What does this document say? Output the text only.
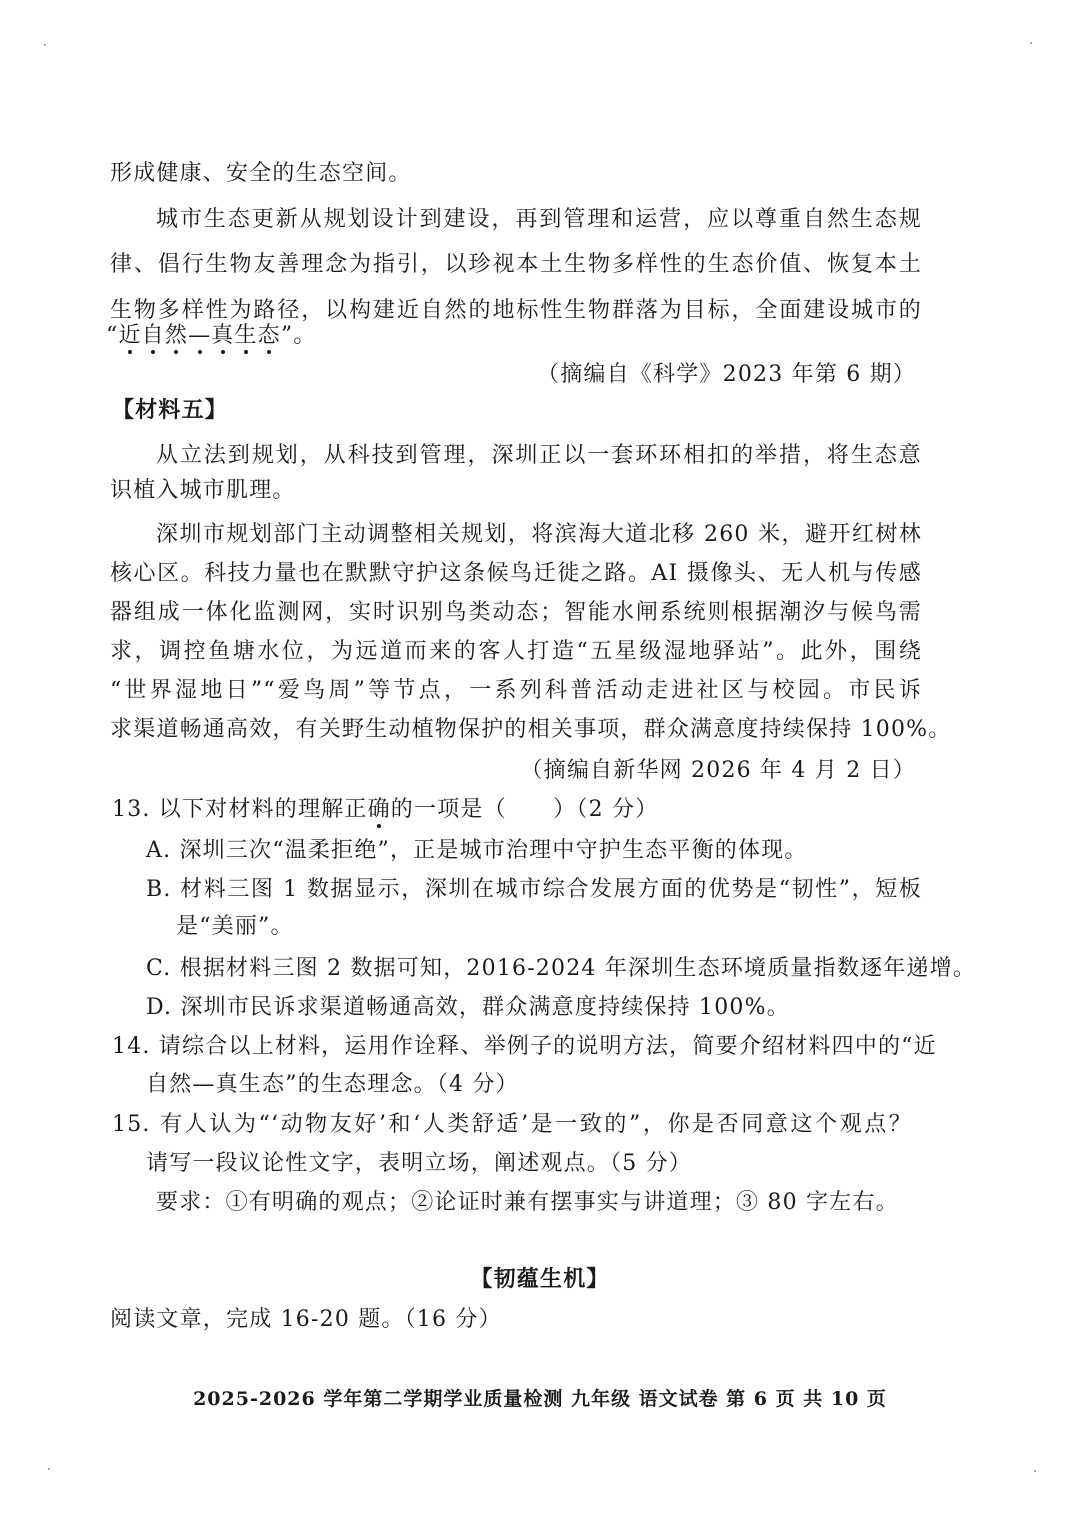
形成健康、安全的生态空间。
城市生态更新从规划设计到建设，再到管理和运营，应以尊重自然生态规
律、倡行生物友善理念为指引，以珍视本土生物多样性的生态价值、恢复本土
生物多样性为路径，以构建近自然的地标性生物群落为目标，全面建设城市的
“近自然—真生态”。
（摘编自《科学》2023 年第 6 期）
【材料五】
从立法到规划，从科技到管理，深圳正以一套环环相扣的举措，将生态意
识植入城市肌理。
深圳市规划部门主动调整相关规划，将滨海大道北移 260 米，避开红树林
核心区。科技力量也在默默守护这条候鸟迁徙之路。AI 摄像头、无人机与传感
器组成一体化监测网，实时识别鸟类动态；智能水闸系统则根据潮汐与候鸟需
求，调控鱼塘水位，为远道而来的客人打造“五星级湿地驿站”。此外，围绕
“世界湿地日”“爱鸟周”等节点，一系列科普活动走进社区与校园。市民诉
求渠道畅通高效，有关野生动植物保护的相关事项，群众满意度持续保持 100%。
（摘编自新华网 2026 年 4 月 2 日）
13. 以下对材料的理解正确的一项是（　　）（2 分）
A. 深圳三次“温柔拒绝”，正是城市治理中守护生态平衡的体现。
B. 材料三图 1 数据显示，深圳在城市综合发展方面的优势是“韧性”，短板
是“美丽”。
C. 根据材料三图 2 数据可知，2016-2024 年深圳生态环境质量指数逐年递增。
D. 深圳市民诉求渠道畅通高效，群众满意度持续保持 100%。
14. 请综合以上材料，运用作诠释、举例子的说明方法，简要介绍材料四中的“近
自然—真生态”的生态理念。（4 分）
15. 有人认为“‘动物友好’和‘人类舒适’是一致的”，你是否同意这个观点？
请写一段议论性文字，表明立场，阐述观点。（5 分）
要求：①有明确的观点；②论证时兼有摆事实与讲道理；③ 80 字左右。
【韧蕴生机】
阅读文章，完成 16-20 题。（16 分）
2025-2026 学年第二学期学业质量检测 九年级 语文试卷 第 6 页 共 10 页
